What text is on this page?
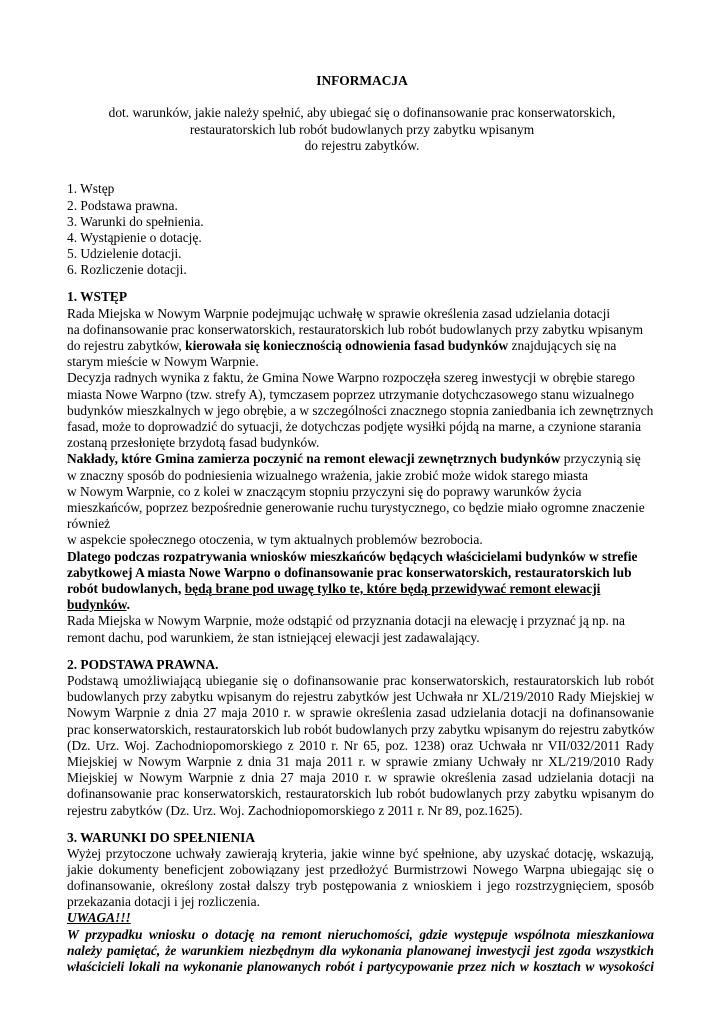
INFORMACJA
dot. warunków, jakie należy spełnić, aby ubiegać się o dofinansowanie prac konserwatorskich,
restauratorskich lub robót budowlanych przy zabytku wpisanym
do rejestru zabytków.
1. Wstęp
2. Podstawa prawna.
3. Warunki do spełnienia.
4. Wystąpienie o dotację.
5. Udzielenie dotacji.
6. Rozliczenie dotacji.
1. WSTĘP
Rada Miejska w Nowym Warpnie podejmując uchwałę w sprawie określenia zasad udzielania dotacji
na dofinansowanie prac konserwatorskich, restauratorskich lub robót budowlanych przy zabytku wpisanym
do rejestru zabytków, kierowała się koniecznością odnowienia fasad budynków znajdujących się na
starym mieście w Nowym Warpnie.
Decyzja radnych wynika z faktu, że Gmina Nowe Warpno rozpoczęła szereg inwestycji w obrębie starego
miasta Nowe Warpno (tzw. strefy A), tymczasem poprzez utrzymanie dotychczasowego stanu wizualnego
budynków mieszkalnych w jego obrębie, a w szczególności znacznego stopnia zaniedbania ich zewnętrznych
fasad, może to doprowadzić do sytuacji, że dotychczas podjęte wysiłki pójdą na marne, a czynione starania
zostaną przesłonięte brzydotą fasad budynków.
Nakłady, które Gmina zamierza poczynić na remont elewacji zewnętrznych budynków przyczynią się
w znaczny sposób do podniesienia wizualnego wrażenia, jakie zrobić może widok starego miasta
w Nowym Warpnie, co z kolei w znaczącym stopniu przyczyni się do poprawy warunków życia
mieszkańców, poprzez bezpośrednie generowanie ruchu turystycznego, co będzie miało ogromne znaczenie
również
w aspekcie społecznego otoczenia, w tym aktualnych problemów bezrobocia.
Dlatego podczas rozpatrywania wniosków mieszkańców będących właścicielami budynków w strefie
zabytkowej A miasta Nowe Warpno o dofinansowanie prac konserwatorskich, restauratorskich lub
robót budowlanych, będą brane pod uwagę tylko te, które będą przewidywać remont elewacji
budynków.
Rada Miejska w Nowym Warpnie, może odstąpić od przyznania dotacji na elewację i przyznać ją np. na
remont dachu, pod warunkiem, że stan istniejącej elewacji jest zadawalający.
2. PODSTAWA PRAWNA.
Podstawą umożliwiającą ubieganie się o dofinansowanie prac konserwatorskich, restauratorskich lub robót
budowlanych przy zabytku wpisanym do rejestru zabytków jest Uchwała nr XL/219/2010 Rady Miejskiej w
Nowym Warpnie z dnia 27 maja 2010 r. w sprawie określenia zasad udzielania dotacji na dofinansowanie
prac konserwatorskich, restauratorskich lub robót budowlanych przy zabytku wpisanym do rejestru zabytków
(Dz. Urz. Woj. Zachodniopomorskiego z 2010 r. Nr 65, poz. 1238) oraz Uchwała nr VII/032/2011 Rady
Miejskiej w Nowym Warpnie z dnia 31 maja 2011 r. w sprawie zmiany Uchwały nr XL/219/2010 Rady
Miejskiej w Nowym Warpnie z dnia 27 maja 2010 r. w sprawie określenia zasad udzielania dotacji na
dofinansowanie prac konserwatorskich, restauratorskich lub robót budowlanych przy zabytku wpisanym do
rejestru zabytków (Dz. Urz. Woj. Zachodniopomorskiego z 2011 r. Nr 89, poz.1625).
3. WARUNKI DO SPEŁNIENIA
Wyżej przytoczone uchwały zawierają kryteria, jakie winne być spełnione, aby uzyskać dotację, wskazują,
jakie dokumenty beneficjent zobowiązany jest przedłożyć Burmistrzowi Nowego Warpna ubiegając się o
dofinansowanie, określony został dalszy tryb postępowania z wnioskiem i jego rozstrzygnięciem, sposób
przekazania dotacji i jej rozliczenia.
UWAGA!!!
W przypadku wniosku o dotację na remont nieruchomości, gdzie występuje wspólnota mieszkaniowa
należy pamiętać, że warunkiem niezbędnym dla wykonania planowanej inwestycji jest zgoda wszystkich
właścicieli lokali na wykonanie planowanych robót i partycypowanie przez nich w kosztach w wysokości
